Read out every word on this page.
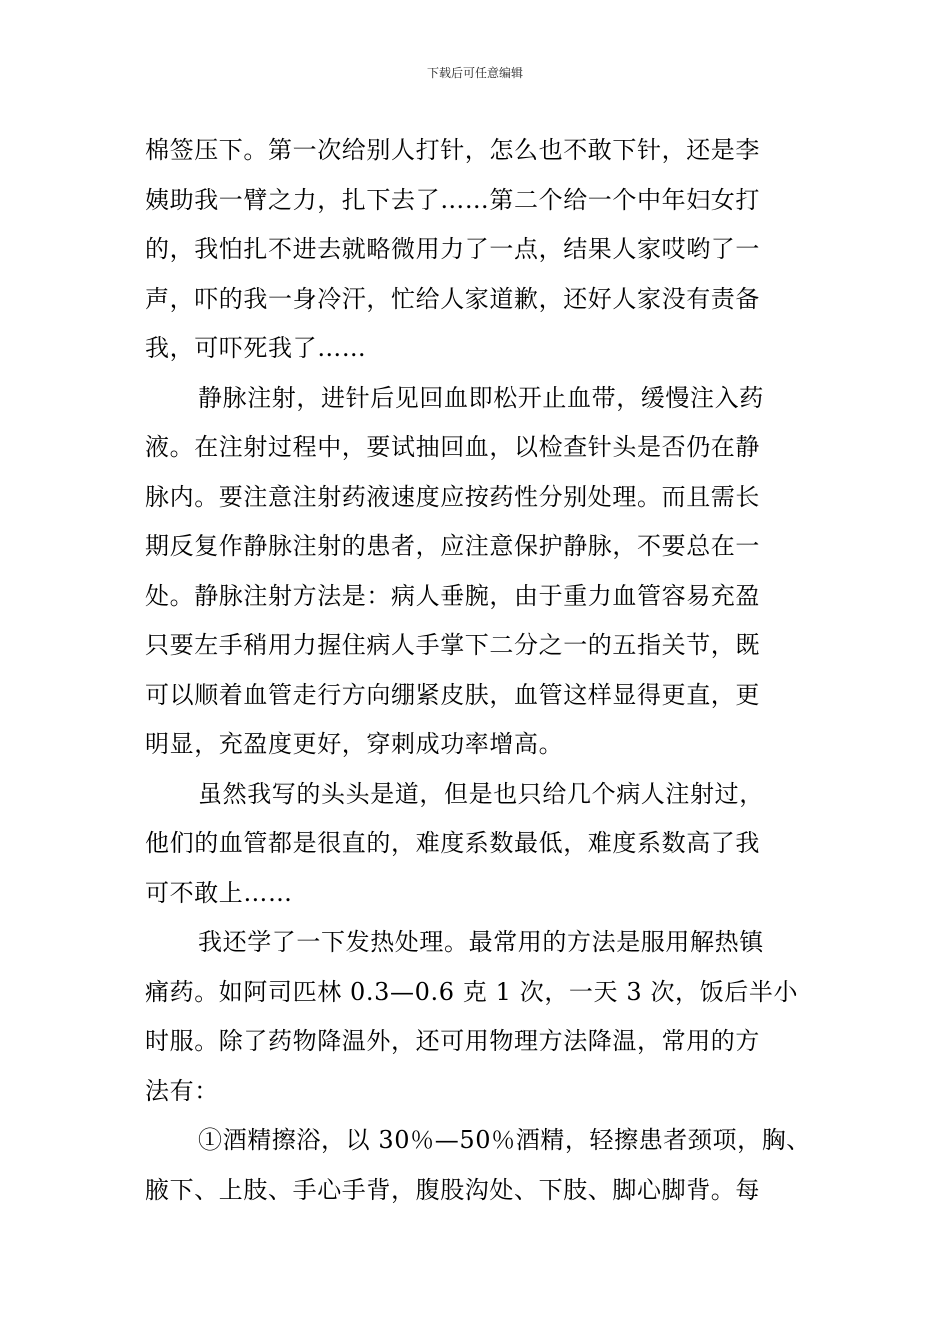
下载后可任意编辑
棉签压下。第一次给别人打针，怎么也不敢下针，还是李
姨助我一臂之力，扎下去了……第二个给一个中年妇女打
的，我怕扎不进去就略微用力了一点，结果人家哎哟了一
声，吓的我一身冷汗，忙给人家道歉，还好人家没有责备
我，可吓死我了……
静脉注射，进针后见回血即松开止血带，缓慢注入药
液。在注射过程中，要试抽回血，以检查针头是否仍在静
脉内。要注意注射药液速度应按药性分别处理。而且需长
期反复作静脉注射的患者，应注意保护静脉，不要总在一
处。静脉注射方法是：病人垂腕，由于重力血管容易充盈
只要左手稍用力握住病人手掌下二分之一的五指关节，既
可以顺着血管走行方向绷紧皮肤，血管这样显得更直，更
明显，充盈度更好，穿刺成功率增高。
虽然我写的头头是道，但是也只给几个病人注射过，
他们的血管都是很直的，难度系数最低，难度系数高了我
可不敢上……
我还学了一下发热处理。最常用的方法是服用解热镇
痛药。如阿司匹林 0.3—0.6 克 1 次，一天 3 次，饭后半小
时服。除了药物降温外，还可用物理方法降温，常用的方
法有：
①酒精擦浴，以 30％—50％酒精，轻擦患者颈项，胸、
腋下、上肢、手心手背，腹股沟处、下肢、脚心脚背。每
